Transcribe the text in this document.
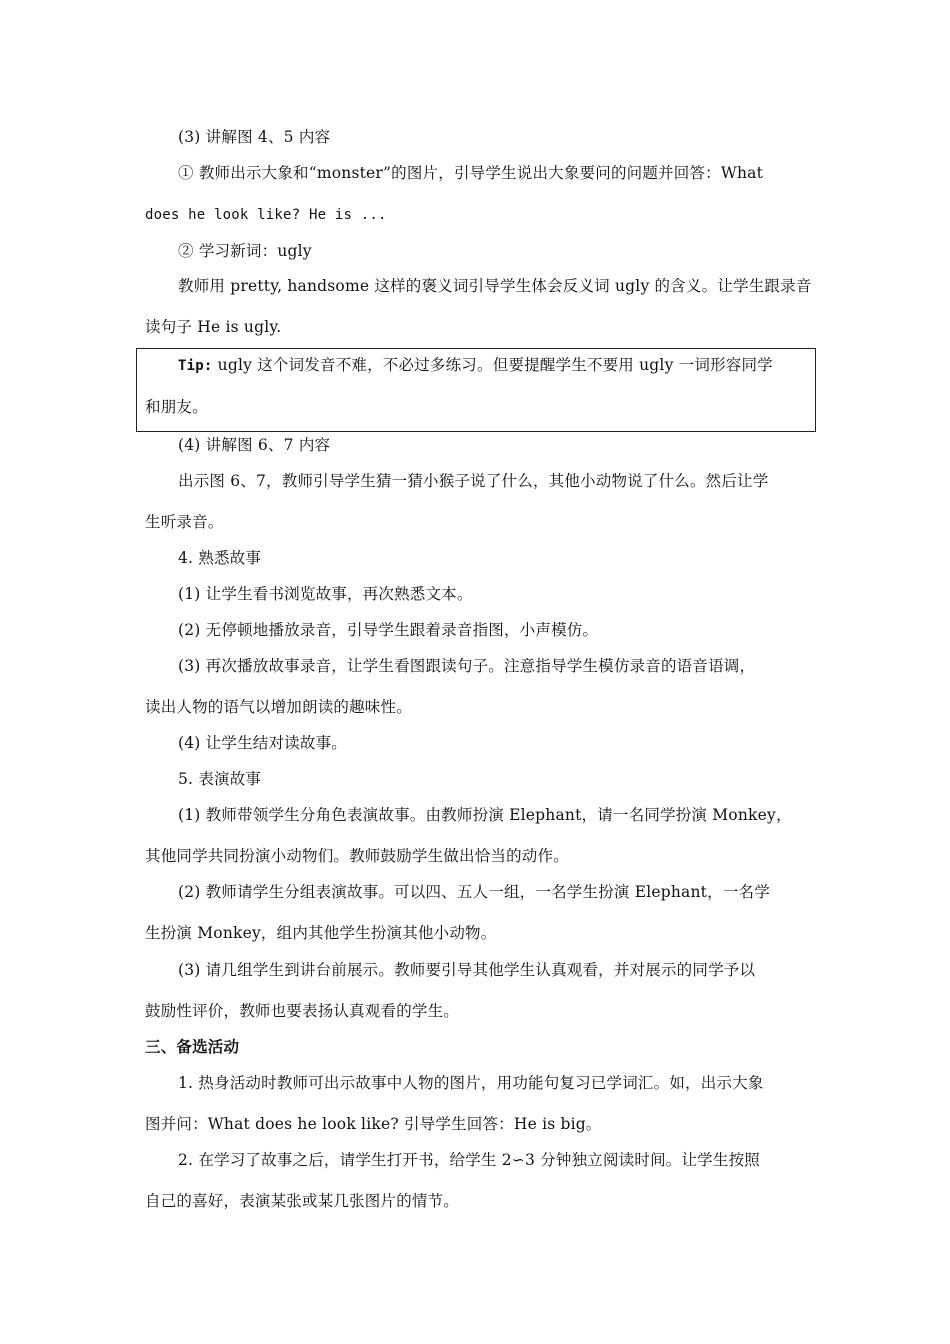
(3) 讲解图 4、5 内容
① 教师出示大象和“monster”的图片，引导学生说出大象要问的问题并回答：What
does he look like? He is ...
② 学习新词：ugly
教师用 pretty, handsome 这样的褒义词引导学生体会反义词 ugly 的含义。让学生跟录音
读句子 He is ugly.
Tip: ugly 这个词发音不难，不必过多练习。但要提醒学生不要用 ugly 一词形容同学
和朋友。
(4) 讲解图 6、7 内容
出示图 6、7，教师引导学生猜一猜小猴子说了什么，其他小动物说了什么。然后让学
生听录音。
4. 熟悉故事
(1) 让学生看书浏览故事，再次熟悉文本。
(2) 无停顿地播放录音，引导学生跟着录音指图，小声模仿。
(3) 再次播放故事录音，让学生看图跟读句子。注意指导学生模仿录音的语音语调，
读出人物的语气以增加朗读的趣味性。
(4) 让学生结对读故事。
5. 表演故事
(1) 教师带领学生分角色表演故事。由教师扮演 Elephant，请一名同学扮演 Monkey，
其他同学共同扮演小动物们。教师鼓励学生做出恰当的动作。
(2) 教师请学生分组表演故事。可以四、五人一组，一名学生扮演 Elephant，一名学
生扮演 Monkey，组内其他学生扮演其他小动物。
(3) 请几组学生到讲台前展示。教师要引导其他学生认真观看，并对展示的同学予以
鼓励性评价，教师也要表扬认真观看的学生。
三、备选活动
1. 热身活动时教师可出示故事中人物的图片，用功能句复习已学词汇。如，出示大象
图并问：What does he look like? 引导学生回答：He is big。
2. 在学习了故事之后，请学生打开书，给学生 2∽3 分钟独立阅读时间。让学生按照
自己的喜好，表演某张或某几张图片的情节。
